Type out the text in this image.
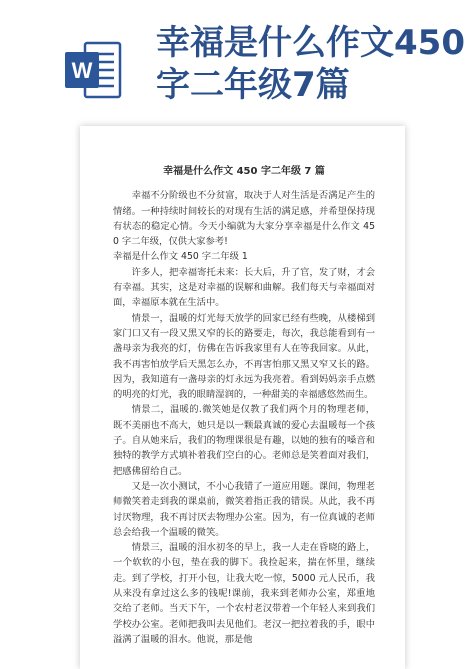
W
幸福是什么作文450字二年级7篇
幸福是什么作文 450 字二年级 7 篇

幸福不分阶级也不分贫富，取决于人对生活是否满足产生的情绪。一种持续时间较长的对现有生活的满足感，并希望保持现有状态的稳定心情。今天小编就为大家分享幸福是什么作文 450 字二年级，仅供大家参考!

幸福是什么作文 450 字二年级 1

许多人，把幸福寄托未来：长大后，升了官，发了财，才会有幸福。其实，这是对幸福的误解和曲解。我们每天与幸福面对面，幸福原本就在生活中。

情景一，温暖的灯光每天放学的回家已经有些晚，从楼梯到家门口又有一段又黑又窄的长的路要走，每次，我总能看到有一盏母亲为我亮的灯，仿佛在告诉我家里有人在等我回家。从此，我不再害怕放学后天黑怎么办，不再害怕那又黑又窄又长的路。因为，我知道有一盏母亲的灯永远为我亮着。看到妈妈亲手点燃的明亮的灯光，我的眼睛湿润的，一种甜美的幸福感悠然而生。

情景二，温暖的.微笑她是仅教了我们两个月的物理老师，既不美丽也不高大，她只是以一颗最真诚的爱心去温暖每一个孩子。自从她来后，我们的物理课很是有趣，以她的独有的嗓音和独特的教学方式填补着我们空白的心。老师总是笑着面对我们，把感佛留给自己。

又是一次小测试，不小心我错了一道应用题。课间，物理老师微笑着走到我的课桌前，微笑着指正我的错误。从此，我不再讨厌物理，我不再讨厌去物理办公室。因为，有一位真诚的老师总会给我一个温暖的微笑。

情景三，温暖的泪水初冬的早上，我一人走在昏晓的路上，一个软软的小包，垫在我的脚下。我捡起来，揣在怀里，继续走。到了学校，打开小包，让我大吃一惊，5000 元人民币，我从来没有拿过这么多的钱呢!课前，我来到老师办公室，郑重地交给了老师。当天下午，一个农村老汉带着一个年轻人来到我们学校办公室。老师把我叫去见他们。老汉一把拉着我的手，眼中溢满了温暖的泪水。他说，那是他
